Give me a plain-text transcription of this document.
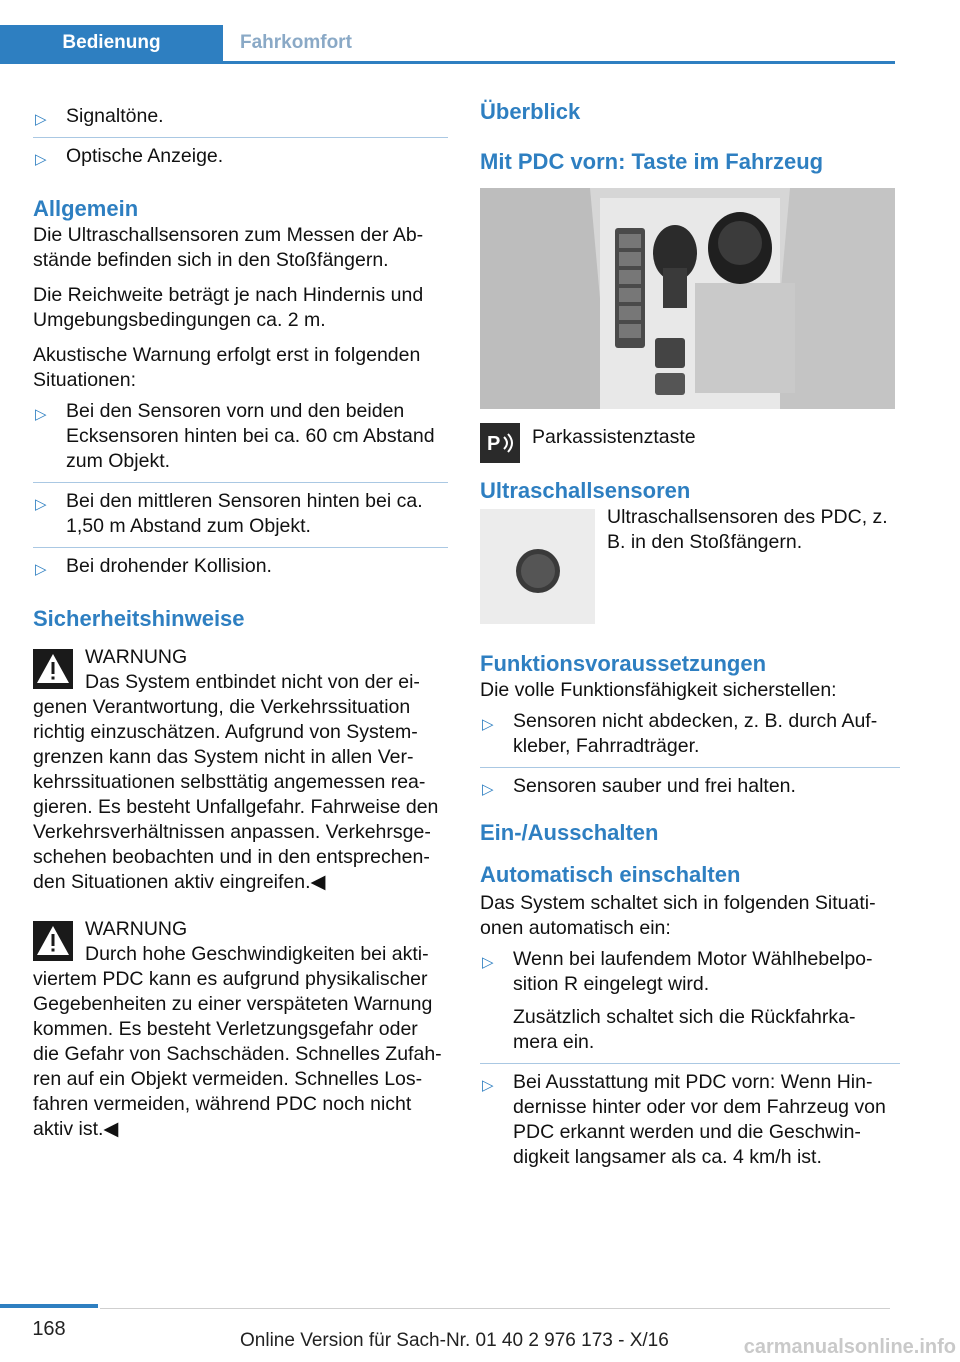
Bedienung	Fahrkomfort
▷ Signaltöne.
▷ Optische Anzeige.
Allgemein

Die Ultraschallsensoren zum Messen der Ab‐ stände befinden sich in den Stoßfängern.

Die Reichweite beträgt je nach Hindernis und Umgebungsbedingungen ca. 2 m.

Akustische Warnung erfolgt erst in folgenden Situationen:

▷ Bei den Sensoren vorn und den beiden Ecksensoren hinten bei ca. 60 cm Abstand zum Objekt.
▷ Bei den mittleren Sensoren hinten bei ca. 1,50 m Abstand zum Objekt.
▷ Bei drohender Kollision.
Sicherheitshinweise
WARNUNG
Das System entbindet nicht von der ei‐ genen Verantwortung, die Verkehrssituation richtig einzuschätzen. Aufgrund von System‐ grenzen kann das System nicht in allen Ver‐ kehrssituationen selbsttätig angemessen rea‐ gieren. Es besteht Unfallgefahr. Fahrweise den Verkehrsverhältnissen anpassen. Verkehrsge‐ schehen beobachten und in den entsprechen‐ den Situationen aktiv eingreifen.◀
WARNUNG
Durch hohe Geschwindigkeiten bei akti‐ viertem PDC kann es aufgrund physikalischer Gegebenheiten zu einer verspäteten Warnung kommen. Es besteht Verletzungsgefahr oder die Gefahr von Sachschäden. Schnelles Zufah‐ ren auf ein Objekt vermeiden. Schnelles Los‐ fahren vermeiden, während PDC noch nicht aktiv ist.◀
Überblick
Mit PDC vorn: Taste im Fahrzeug
P Parkassistenztaste
Ultraschallsensoren
Ultraschallsensoren des PDC, z. B. in den Stoßfängern.
Funktionsvoraussetzungen

Die volle Funktionsfähigkeit sicherstellen:

▷ Sensoren nicht abdecken, z. B. durch Auf‐ kleber, Fahrradträger.
▷ Sensoren sauber und frei halten.
Ein-/Ausschalten
Automatisch einschalten

Das System schaltet sich in folgenden Situati‐ onen automatisch ein:

▷ Wenn bei laufendem Motor Wählhebelpo‐ sition R eingelegt wird.
Zusätzlich schaltet sich die Rückfahrka‐ mera ein.
▷ Bei Ausstattung mit PDC vorn: Wenn Hin‐ dernisse hinter oder vor dem Fahrzeug von PDC erkannt werden und die Geschwin‐ digkeit langsamer als ca. 4 km/h ist.
168
Online Version für Sach-Nr. 01 40 2 976 173 - X/16	carmanualsonline.info
